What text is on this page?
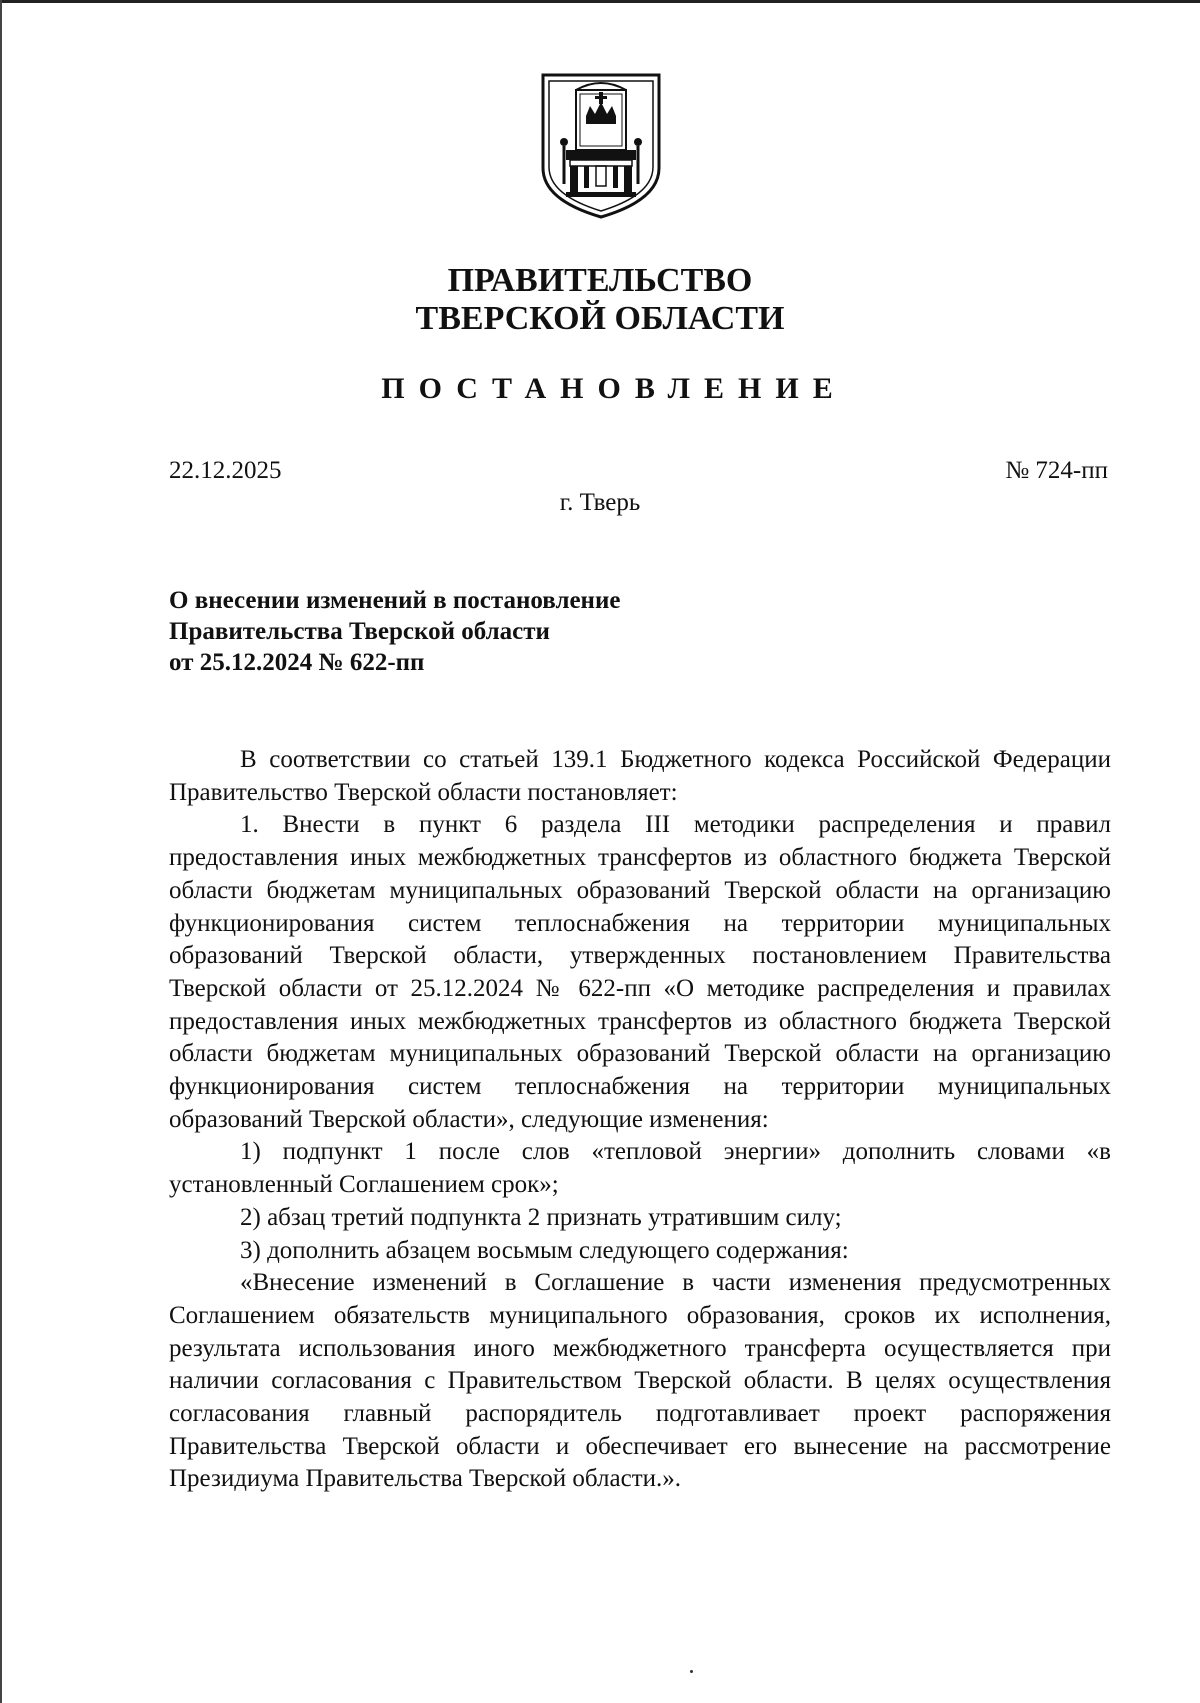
ПРАВИТЕЛЬСТВО
ТВЕРСКОЙ ОБЛАСТИ
ПОСТАНОВЛЕНИЕ
22.12.2025	№ 724-пп
г. Тверь
О внесении изменений в постановление
Правительства Тверской области
от 25.12.2024 № 622-пп

В соответствии со статьей 139.1 Бюджетного кодекса Российской Федерации Правительство Тверской области постановляет:

1. Внести в пункт 6 раздела III методики распределения и правил предоставления иных межбюджетных трансфертов из областного бюджета Тверской области бюджетам муниципальных образований Тверской области на организацию функционирования систем теплоснабжения на территории муниципальных образований Тверской области, утвержденных постановлением Правительства Тверской области от 25.12.2024 № 622-пп «О методике распределения и правилах предоставления иных межбюджетных трансфертов из областного бюджета Тверской области бюджетам муниципальных образований Тверской области на организацию функционирования систем теплоснабжения на территории муниципальных образований Тверской области», следующие изменения:

1) подпункт 1 после слов «тепловой энергии» дополнить словами «в установленный Соглашением срок»;

2) абзац третий подпункта 2 признать утратившим силу;

3) дополнить абзацем восьмым следующего содержания:

«Внесение изменений в Соглашение в части изменения предусмотренных Соглашением обязательств муниципального образования, сроков их исполнения, результата использования иного межбюджетного трансферта осуществляется при наличии согласования с Правительством Тверской области. В целях осуществления согласования главный распорядитель подготавливает проект распоряжения Правительства Тверской области и обеспечивает его вынесение на рассмотрение Президиума Правительства Тверской области.».
